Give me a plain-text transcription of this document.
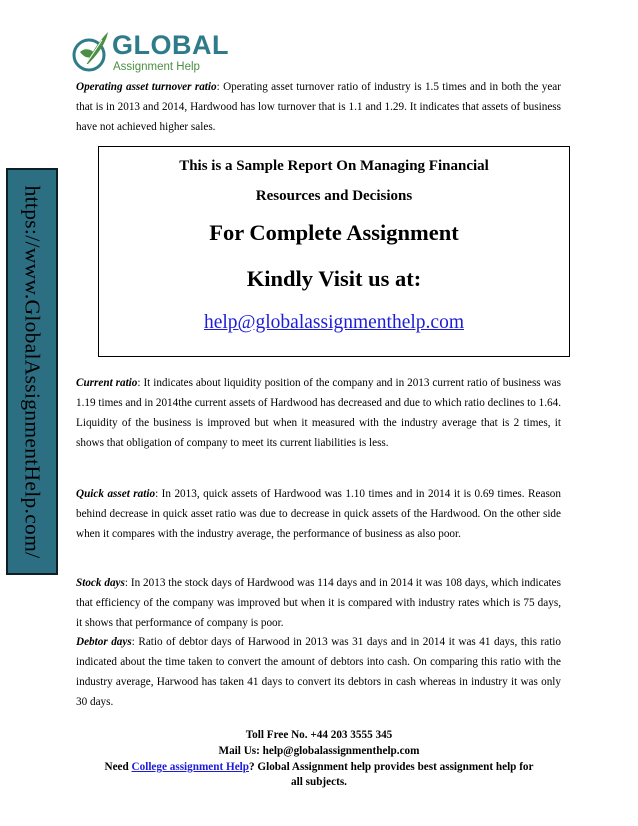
GLOBAL
Assignment Help
https://www.GlobalAssignmentHelp.com/
Operating asset turnover ratio: Operating asset turnover ratio of industry is 1.5 times and in both the year that is in 2013 and 2014, Hardwood has low turnover that is 1.1 and 1.29. It indicates that assets of business have not achieved higher sales.
This is a Sample Report On Managing Financial
Resources and Decisions
For Complete Assignment
Kindly Visit us at:
help@globalassignmenthelp.com
Current ratio: It indicates about liquidity position of the company and in 2013 current ratio of business was 1.19 times and in 2014the current assets of Hardwood has decreased and due to which ratio declines to 1.64. Liquidity of the business is improved but when it measured with the industry average that is 2 times, it shows that obligation of company to meet its current liabilities is less.
Quick asset ratio: In 2013, quick assets of Hardwood was 1.10 times and in 2014 it is 0.69 times. Reason behind decrease in quick asset ratio was due to decrease in quick assets of the Hardwood. On the other side when it compares with the industry average, the performance of business as also poor.
Stock days: In 2013 the stock days of Hardwood was 114 days and in 2014 it was 108 days, which indicates that efficiency of the company was improved but when it is compared with industry rates which is 75 days, it shows that performance of company is poor.
Debtor days: Ratio of debtor days of Harwood in 2013 was 31 days and in 2014 it was 41 days, this ratio indicated about the time taken to convert the amount of debtors into cash. On comparing this ratio with the industry average, Harwood has taken 41 days to convert its debtors in cash whereas in industry it was only 30 days.
Toll Free No. +44 203 3555 345
Mail Us: help@globalassignmenthelp.com
Need College assignment Help? Global Assignment help provides best assignment help for
all subjects.
